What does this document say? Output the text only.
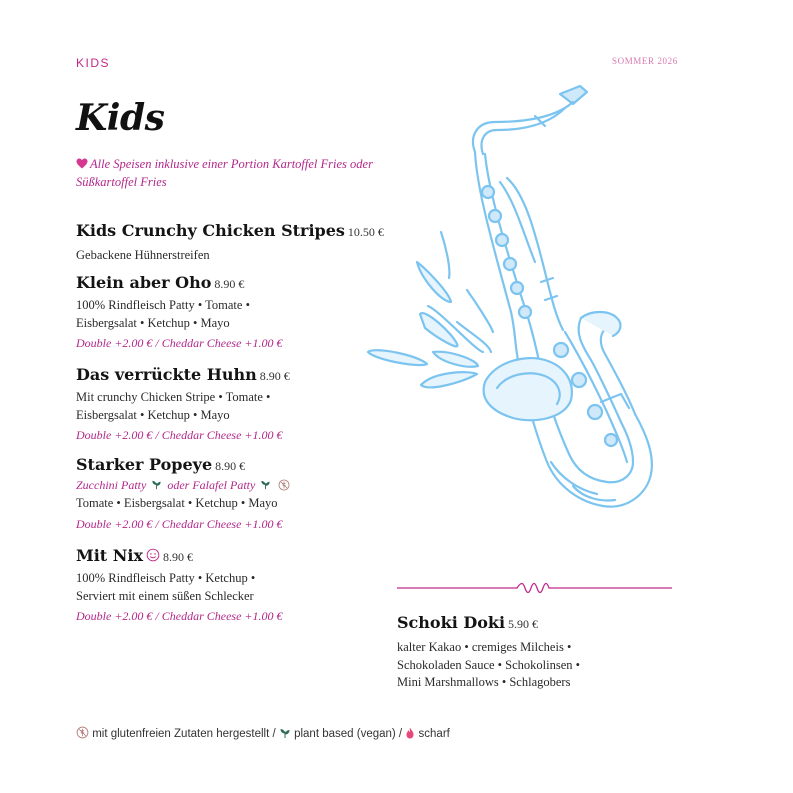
KIDS	SOMMER 2026
Kids
Alle Speisen inklusive einer Portion Kartoffel Fries oder Süßkartoffel Fries
Kids Crunchy Chicken Stripes 10.50 €
Gebackene Hühnerstreifen
Klein aber Oho 8.90 €
100% Rindfleisch Patty • Tomate •
Eisbergsalat • Ketchup • Mayo
Double +2.00 € / Cheddar Cheese +1.00 €
Das verrückte Huhn 8.90 €
Mit crunchy Chicken Stripe • Tomate •
Eisbergsalat • Ketchup • Mayo
Double +2.00 € / Cheddar Cheese +1.00 €
Starker Popeye 8.90 €
Zucchini Patty oder Falafel Patty
Tomate • Eisbergsalat • Ketchup • Mayo
Double +2.00 € / Cheddar Cheese +1.00 €
Mit Nix 8.90 €
100% Rindfleisch Patty • Ketchup •
Serviert mit einem süßen Schlecker
Double +2.00 € / Cheddar Cheese +1.00 €	Schoki Doki 5.90 €
kalter Kakao • cremiges Milcheis •
Schokoladen Sauce • Schokolinsen •
Mini Marshmallows • Schlagobers
mit glutenfreien Zutaten hergestellt / plant based (vegan) / scharf
